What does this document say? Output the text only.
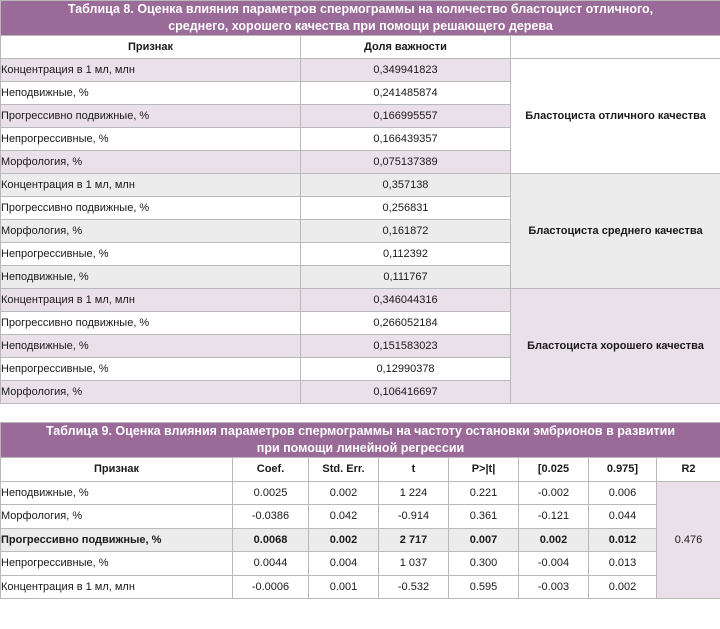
Таблица 8. Оценка влияния параметров спермограммы на количество бластоцист отличного,
среднего, хорошего качества при помощи решающего дерева		
Признак	Доля важности	
Концентрация в 1 мл, млн	0,349941823	Бластоциста отличного качества
Неподвижные, %	0,241485874	
Прогрессивно подвижные, %	0,166995557	
Непрогрессивные, %	0,166439357	
Морфология, %	0,075137389	
Концентрация в 1 мл, млн	0,357138	Бластоциста среднего качества
Прогрессивно подвижные, %	0,256831	
Морфология, %	0,161872	
Непрогрессивные, %	0,112392	
Неподвижные, %	0,111767	
Концентрация в 1 мл, млн	0,346044316	Бластоциста хорошего качества
Прогрессивно подвижные, %	0,266052184	
Неподвижные, %	0,151583023	
Непрогрессивные, %	0,12990378	
Морфология, %	0,106416697	
Таблица 9. Оценка влияния параметров спермограммы на частоту остановки эмбрионов в развитии
при помощи линейной регрессии							
Признак	Coef.	Std. Err.	t	P>|t|	[0.025	0.975]	R2
Неподвижные, %	0.0025	0.002	1 224	0.221	-0.002	0.006	0.476
Морфология, %	-0.0386	0.042	-0.914	0.361	-0.121	0.044	
Прогрессивно подвижные, %	0.0068	0.002	2 717	0.007	0.002	0.012	
Непрогрессивные, %	0.0044	0.004	1 037	0.300	-0.004	0.013	
Концентрация в 1 мл, млн	-0.0006	0.001	-0.532	0.595	-0.003	0.002	
